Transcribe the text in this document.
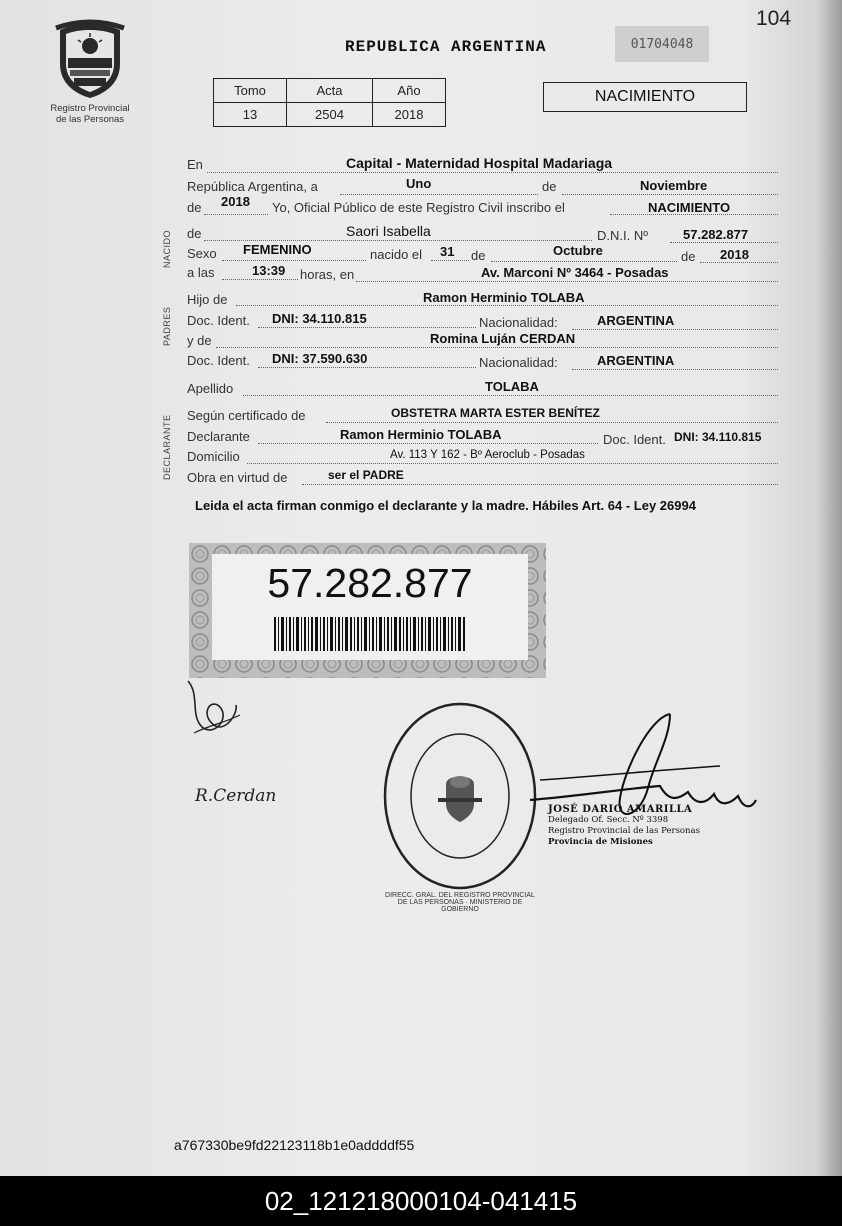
104
Registro Provincial
de las Personas
REPUBLICA ARGENTINA	01704048
Tomo	Acta	Año
13	2504	2018
NACIMIENTO
NACIDO
PADRES
DECLARANTE
En	Capital - Maternidad Hospital Madariaga
República Argentina, a	Uno	de	Noviembre
de 2018 Yo, Oficial Público de este Registro Civil inscribo el	NACIMIENTO
de	Saori Isabella	D.N.I. Nº	57.282.877
Sexo FEMENINO	nacido el 31 de	Octubre	de 2018
a las	13:39 horas, en	Av. Marconi Nº 3464 - Posadas
Hijo de	Ramon Herminio TOLABA
Doc. Ident. DNI: 34.110.815	Nacionalidad:	ARGENTINA
y de	Romina Luján CERDAN
Doc. Ident. DNI: 37.590.630	Nacionalidad:	ARGENTINA
Apellido	TOLABA
Según certificado de	OBSTETRA MARTA ESTER BENÍTEZ
Declarante	Ramon Herminio TOLABA	Doc. Ident. DNI: 34.110.815
Domicilio	Av. 113 Y 162 - Bº Aeroclub - Posadas
Obra en virtud de	ser el PADRE
Leida el acta firman conmigo el declarante y la madre. Hábiles Art. 64 - Ley 26994
57.282.877
R.Cerdan
DIRECC. GRAL. DEL REGISTRO PROVINCIAL DE LAS PERSONAS · MINISTERIO DE GOBIERNO
JOSÉ DARIO AMARILLA
Delegado Of. Secc. Nº 3398
Registro Provincial de las Personas
Provincia de Misiones
a767330be9fd22123118b1e0addddf55
02_121218000104-041415
